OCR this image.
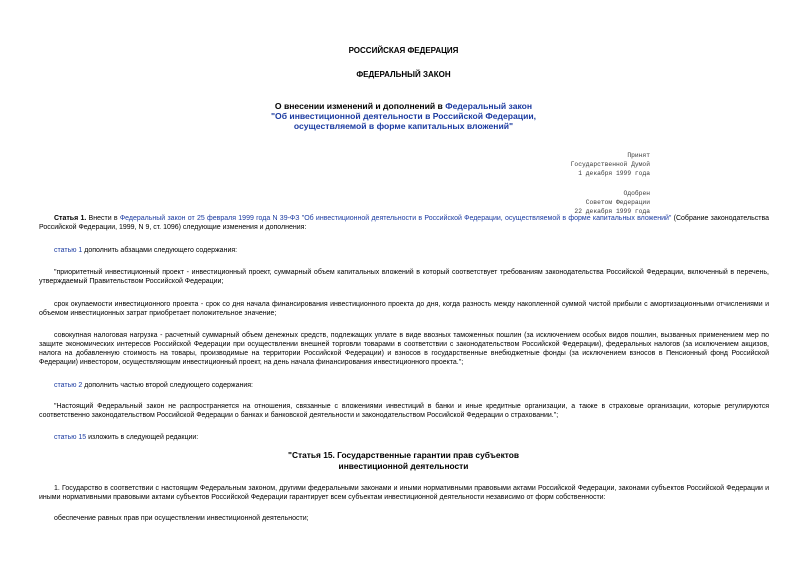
РОССИЙСКАЯ ФЕДЕРАЦИЯ
ФЕДЕРАЛЬНЫЙ ЗАКОН
О внесении изменений и дополнений в Федеральный закон
"Об инвестиционной деятельности в Российской Федерации,
осуществляемой в форме капитальных вложений"
Принят
Государственной Думой
1 декабря 1999 года
Одобрен
Советом Федерации
22 декабря 1999 года
Статья 1. Внести в Федеральный закон от 25 февраля 1999 года N 39-ФЗ "Об инвестиционной деятельности в Российской Федерации, осуществляемой в форме капитальных вложений" (Собрание законодательства Российской Федерации, 1999, N 9, ст. 1096) следующие изменения и дополнения:
статью 1 дополнить абзацами следующего содержания:
"приоритетный инвестиционный проект - инвестиционный проект, суммарный объем капитальных вложений в который соответствует требованиям законодательства Российской Федерации, включенный в перечень, утверждаемый Правительством Российской Федерации;
срок окупаемости инвестиционного проекта - срок со дня начала финансирования инвестиционного проекта до дня, когда разность между накопленной суммой чистой прибыли с амортизационными отчислениями и объемом инвестиционных затрат приобретает положительное значение;
совокупная налоговая нагрузка - расчетный суммарный объем денежных средств, подлежащих уплате в виде ввозных таможенных пошлин (за исключением особых видов пошлин, вызванных применением мер по защите экономических интересов Российской Федерации при осуществлении внешней торговли товарами в соответствии с законодательством Российской Федерации), федеральных налогов (за исключением акцизов, налога на добавленную стоимость на товары, производимые на территории Российской Федерации) и взносов в государственные внебюджетные фонды (за исключением взносов в Пенсионный фонд Российской Федерации) инвестором, осуществляющим инвестиционный проект, на день начала финансирования инвестиционного проекта.";
статью 2 дополнить частью второй следующего содержания:
"Настоящий Федеральный закон не распространяется на отношения, связанные с вложениями инвестиций в банки и иные кредитные организации, а также в страховые организации, которые регулируются соответственно законодательством Российской Федерации о банках и банковской деятельности и законодательством Российской Федерации о страховании.";
статью 15 изложить в следующей редакции:
"Статья 15. Государственные гарантии прав субъектов
инвестиционной деятельности
1. Государство в соответствии с настоящим Федеральным законом, другими федеральными законами и иными нормативными правовыми актами Российской Федерации, законами субъектов Российской Федерации и иными нормативными правовыми актами субъектов Российской Федерации гарантирует всем субъектам инвестиционной деятельности независимо от форм собственности:
обеспечение равных прав при осуществлении инвестиционной деятельности;
